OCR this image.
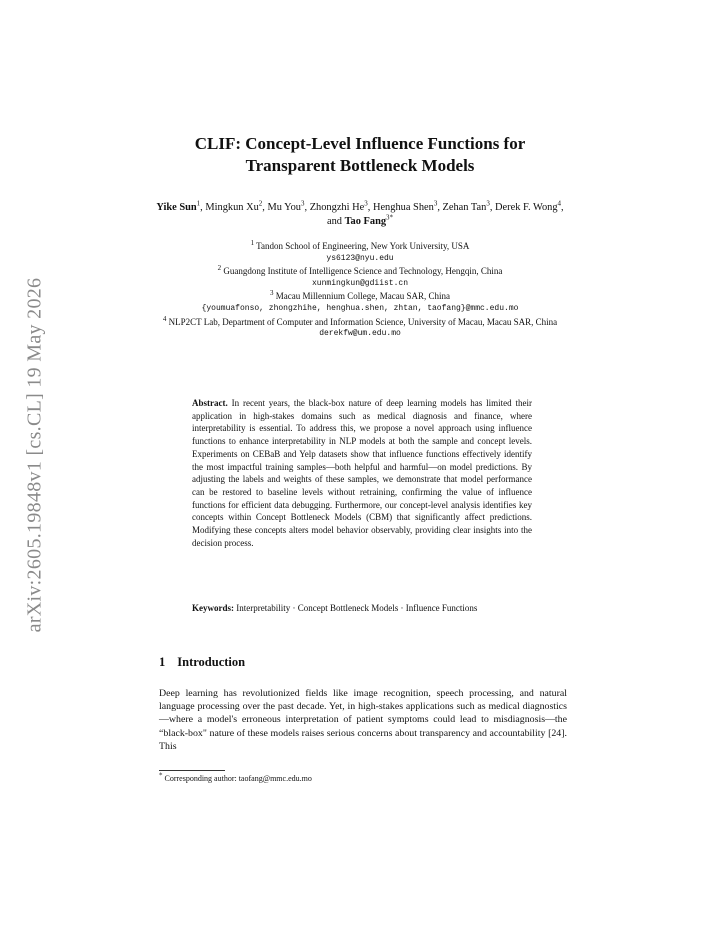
arXiv:2605.19848v1 [cs.CL] 19 May 2026
CLIF: Concept-Level Influence Functions for Transparent Bottleneck Models
Yike Sun$^1$, Mingkun Xu$^2$, Mu You$^3$, Zhongzhi He$^3$, Henghua Shen$^3$, Zehan Tan$^3$, Derek F. Wong$^4$, and Tao Fang$^{3*}$
$^1$ Tandon School of Engineering, New York University, USA
ys6123@nyu.edu
$^2$ Guangdong Institute of Intelligence Science and Technology, Hengqin, China
xunmingkun@gdiist.cn
$^3$ Macau Millennium College, Macau SAR, China
{youmuafonso, zhongzhihe, henghua.shen, zhtan, taofang}@mmc.edu.mo
$^4$ NLP2CT Lab, Department of Computer and Information Science, University of Macau, Macau SAR, China
derekfw@um.edu.mo
Abstract. In recent years, the black-box nature of deep learning models has limited their application in high-stakes domains such as medical diagnosis and finance, where interpretability is essential. To address this, we propose a novel approach using influence functions to enhance interpretability in NLP models at both the sample and concept levels. Experiments on CEBaB and Yelp datasets show that influence functions effectively identify the most impactful training samples—both helpful and harmful—on model predictions. By adjusting the labels and weights of these samples, we demonstrate that model performance can be restored to baseline levels without retraining, confirming the value of influence functions for efficient data debugging. Furthermore, our concept-level analysis identifies key concepts within Concept Bottleneck Models (CBM) that significantly affect predictions. Modifying these concepts alters model behavior observably, providing clear insights into the decision process.
Keywords: Interpretability · Concept Bottleneck Models · Influence Functions
1 Introduction
Deep learning has revolutionized fields like image recognition, speech processing, and natural language processing over the past decade. Yet, in high-stakes applications such as medical diagnostics—where a model's erroneous interpretation of patient symptoms could lead to misdiagnosis—the “black-box" nature of these models raises serious concerns about transparency and accountability [24]. This
* Corresponding author: taofang@mmc.edu.mo
